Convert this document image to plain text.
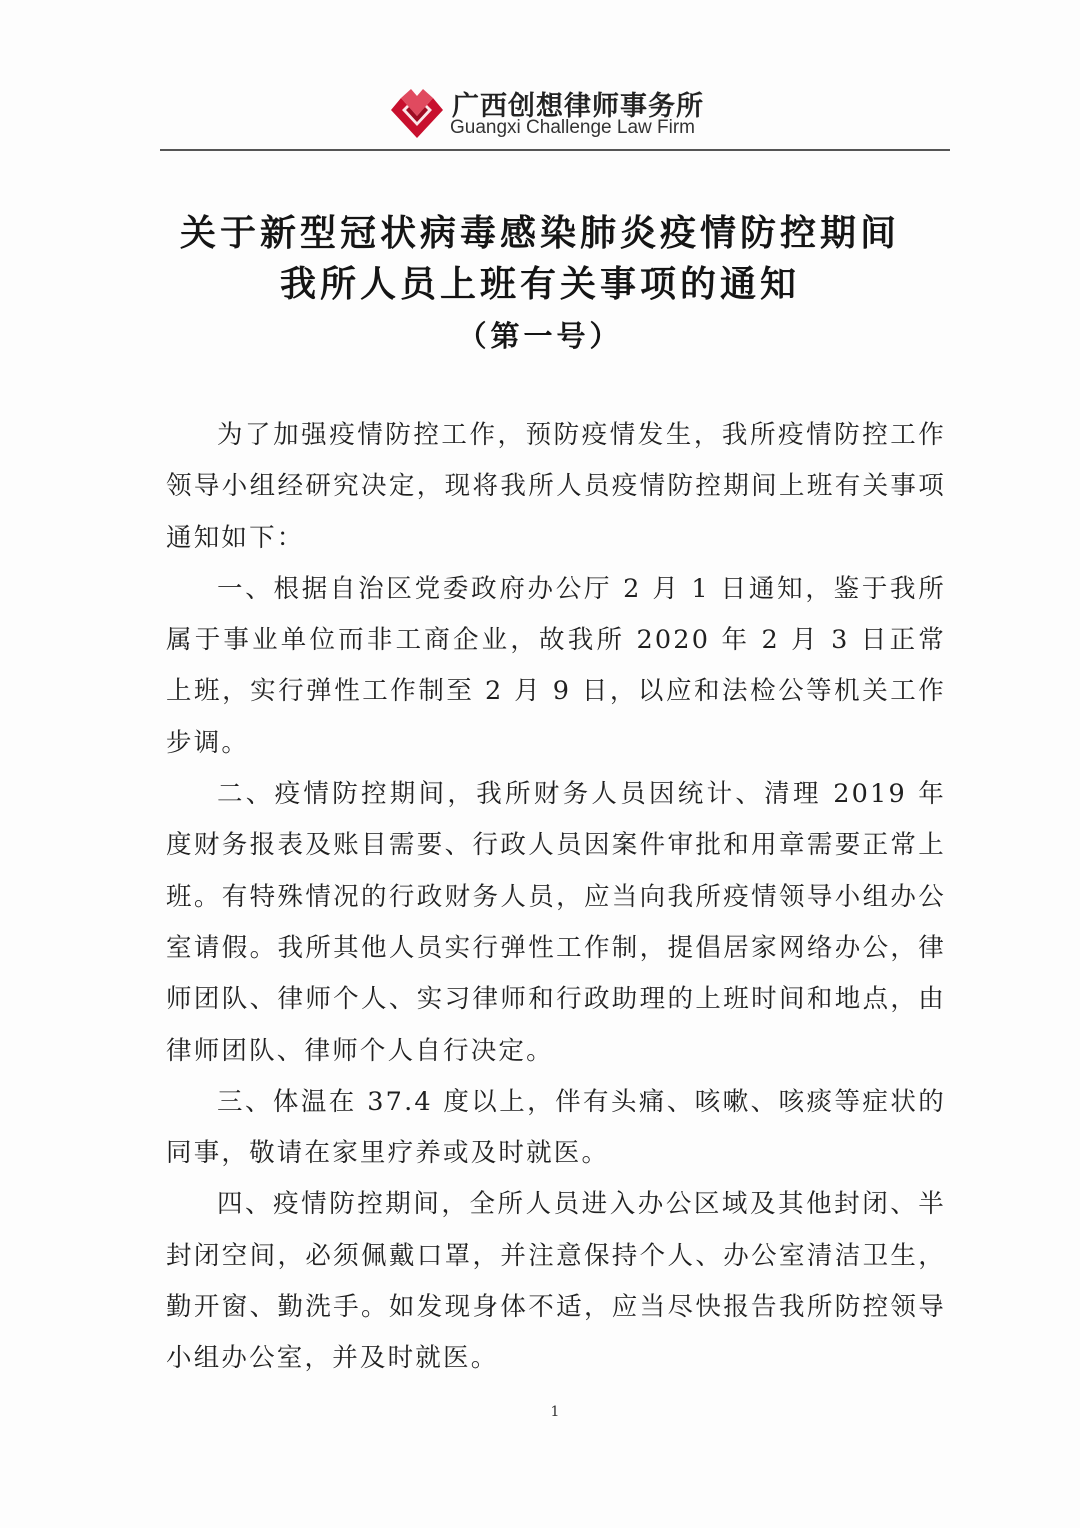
广西创想律师事务所
Guangxi Challenge Law Firm
关于新型冠状病毒感染肺炎疫情防控期间
我所人员上班有关事项的通知
（第一号）

为了加强疫情防控工作，预防疫情发生，我所疫情防控工作领导小组经研究决定，现将我所人员疫情防控期间上班有关事项通知如下：

一、根据自治区党委政府办公厅 2 月 1 日通知，鉴于我所属于事业单位而非工商企业，故我所 2020 年 2 月 3 日正常上班，实行弹性工作制至 2 月 9 日，以应和法检公等机关工作步调。

二、疫情防控期间，我所财务人员因统计、清理 2019 年度财务报表及账目需要、行政人员因案件审批和用章需要正常上班。有特殊情况的行政财务人员，应当向我所疫情领导小组办公室请假。我所其他人员实行弹性工作制，提倡居家网络办公，律师团队、律师个人、实习律师和行政助理的上班时间和地点，由律师团队、律师个人自行决定。

三、体温在 37.4 度以上，伴有头痛、咳嗽、咳痰等症状的同事，敬请在家里疗养或及时就医。

四、疫情防控期间，全所人员进入办公区域及其他封闭、半封闭空间，必须佩戴口罩，并注意保持个人、办公室清洁卫生，勤开窗、勤洗手。如发现身体不适，应当尽快报告我所防控领导小组办公室，并及时就医。

1
